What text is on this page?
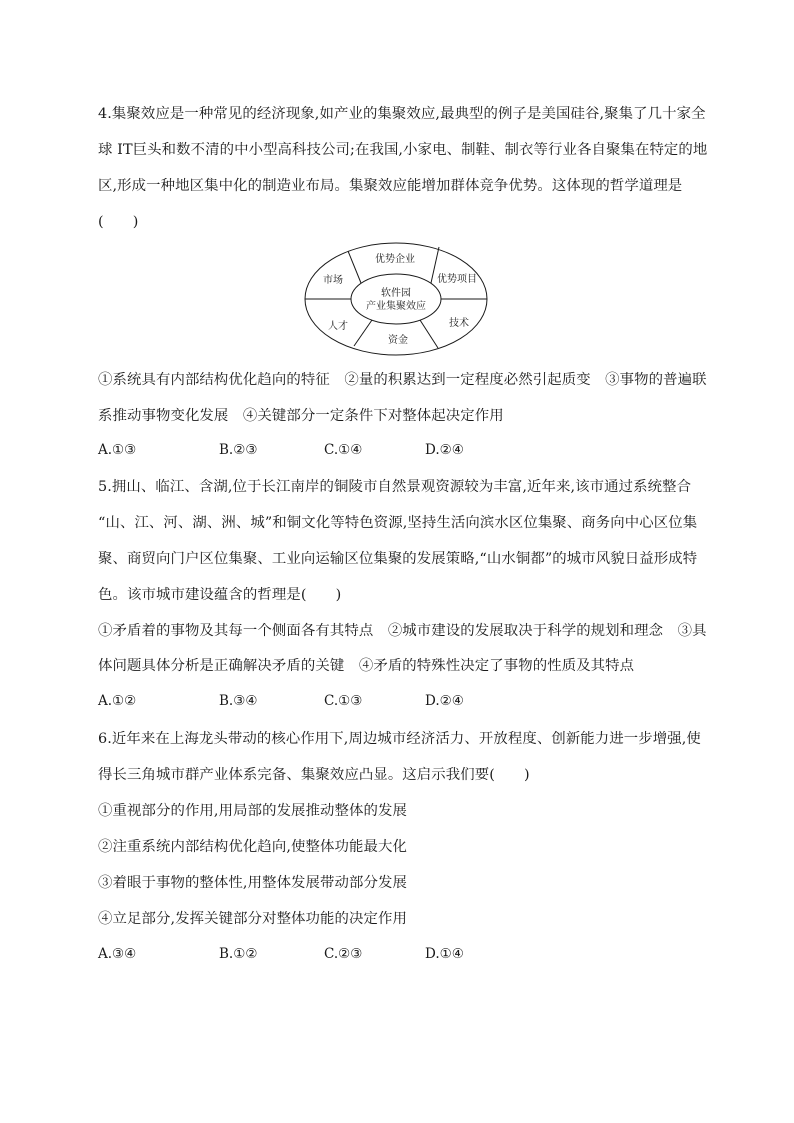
4.集聚效应是一种常见的经济现象,如产业的集聚效应,最典型的例子是美国硅谷,聚集了几十家全
球 IT巨头和数不清的中小型高科技公司;在我国,小家电、制鞋、制衣等行业各自聚集在特定的地
区,形成一种地区集中化的制造业布局。集聚效应能增加群体竞争优势。这体现的哲学道理是
(　　)
软件园
产业集聚效应
优势企业
优势项目
技术
资金
人才
市场
①系统具有内部结构优化趋向的特征　②量的积累达到一定程度必然引起质变　③事物的普遍联
系推动事物变化发展　④关键部分一定条件下对整体起决定作用
A.①③	B.②③	C.①④	D.②④
5.拥山、临江、含湖,位于长江南岸的铜陵市自然景观资源较为丰富,近年来,该市通过系统整合
“山、江、河、湖、洲、城”和铜文化等特色资源,坚持生活向滨水区位集聚、商务向中心区位集
聚、商贸向门户区位集聚、工业向运输区位集聚的发展策略,“山水铜都”的城市风貌日益形成特
色。该市城市建设蕴含的哲理是(　　)
①矛盾着的事物及其每一个侧面各有其特点　②城市建设的发展取决于科学的规划和理念　③具
体问题具体分析是正确解决矛盾的关键　④矛盾的特殊性决定了事物的性质及其特点
A.①②	B.③④	C.①③	D.②④
6.近年来在上海龙头带动的核心作用下,周边城市经济活力、开放程度、创新能力进一步增强,使
得长三角城市群产业体系完备、集聚效应凸显。这启示我们要(　　)
①重视部分的作用,用局部的发展推动整体的发展
②注重系统内部结构优化趋向,使整体功能最大化
③着眼于事物的整体性,用整体发展带动部分发展
④立足部分,发挥关键部分对整体功能的决定作用
A.③④	B.①②	C.②③	D.①④
